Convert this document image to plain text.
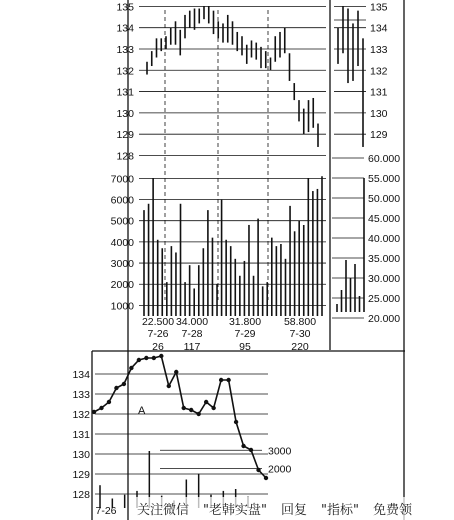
128
129
130
131
132
133
134
135
1000
2000
3000
4000
5000
6000
7000
22.500
7-26
26
34.000
7-28
117
31.800
7-29
95
58.800
7-30
220
129
130
131
132
133
134
135
20.000
25.000
30.000
35.000
40.000
45.000
50.000
55.000
60.000
128
129
130
131
132
133
134
A
3000
2000
7-26 关注微信 "老韩实盘" 回复 "指标" 免费领
